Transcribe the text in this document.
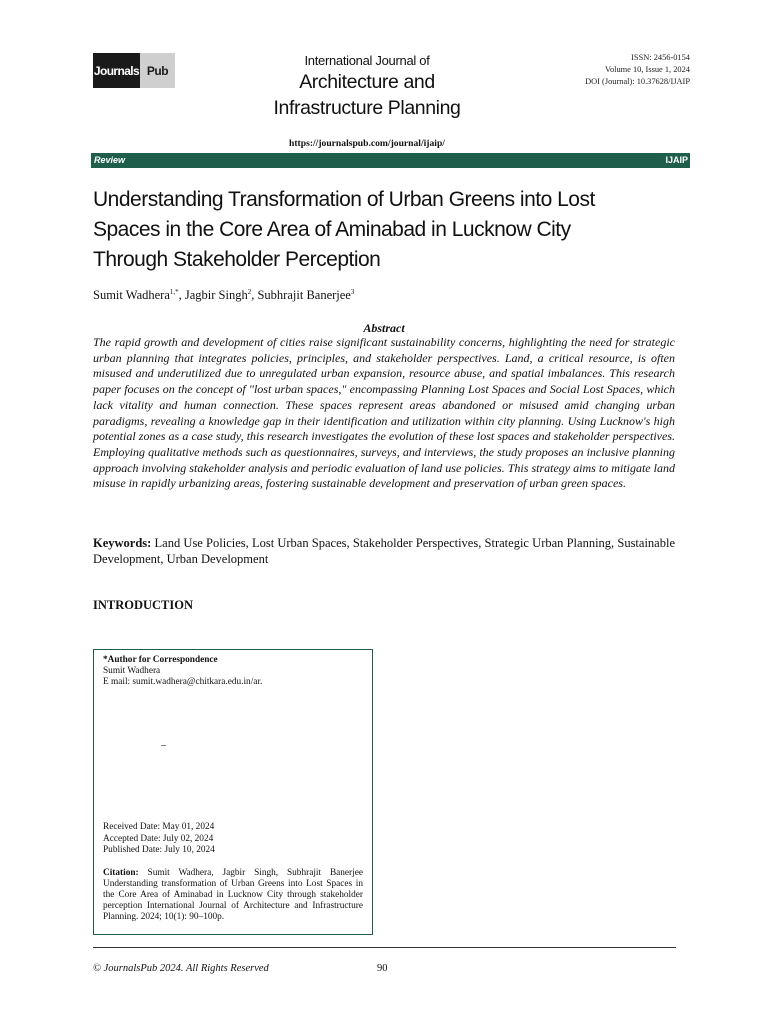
Journals Pub
International Journal of
Architecture and
Infrastructure Planning
ISSN: 2456-0154
Volume 10, Issue 1, 2024
DOI (Journal): 10.37628/IJAIP
https://journalspub.com/journal/ijaip/
Review	IJAIP
Understanding Transformation of Urban Greens into Lost
Spaces in the Core Area of Aminabad in Lucknow City
Through Stakeholder Perception
Sumit Wadhera$^{1,*}$, Jagbir Singh$^2$, Subhrajit Banerjee$^3$
Abstract
The rapid growth and development of cities raise significant sustainability concerns, highlighting the need for strategic urban planning that integrates policies, principles, and stakeholder perspectives. Land, a critical resource, is often misused and underutilized due to unregulated urban expansion, resource abuse, and spatial imbalances. This research paper focuses on the concept of "lost urban spaces," encompassing Planning Lost Spaces and Social Lost Spaces, which lack vitality and human connection. These spaces represent areas abandoned or misused amid changing urban paradigms, revealing a knowledge gap in their identification and utilization within city planning. Using Lucknow's high potential zones as a case study, this research investigates the evolution of these lost spaces and stakeholder perspectives. Employing qualitative methods such as questionnaires, surveys, and interviews, the study proposes an inclusive planning approach involving stakeholder analysis and periodic evaluation of land use policies. This strategy aims to mitigate land misuse in rapidly urbanizing areas, fostering sustainable development and preservation of urban green spaces.
Keywords: Land Use Policies, Lost Urban Spaces, Stakeholder Perspectives, Strategic Urban Planning, Sustainable Development, Urban Development
INTRODUCTION
*Author for Correspondence
Sumit Wadhera
E mail: sumit.wadhera@chitkara.edu.in/ar.
–
Received Date: May 01, 2024
Accepted Date: July 02, 2024
Published Date: July 10, 2024
Citation: Sumit Wadhera, Jagbir Singh, Subhrajit Banerjee Understanding transformation of Urban Greens into Lost Spaces in the Core Area of Aminabad in Lucknow City through stakeholder perception International Journal of Architecture and Infrastructure Planning. 2024; 10(1): 90–100p.
© JournalsPub 2024. All Rights Reserved	90
